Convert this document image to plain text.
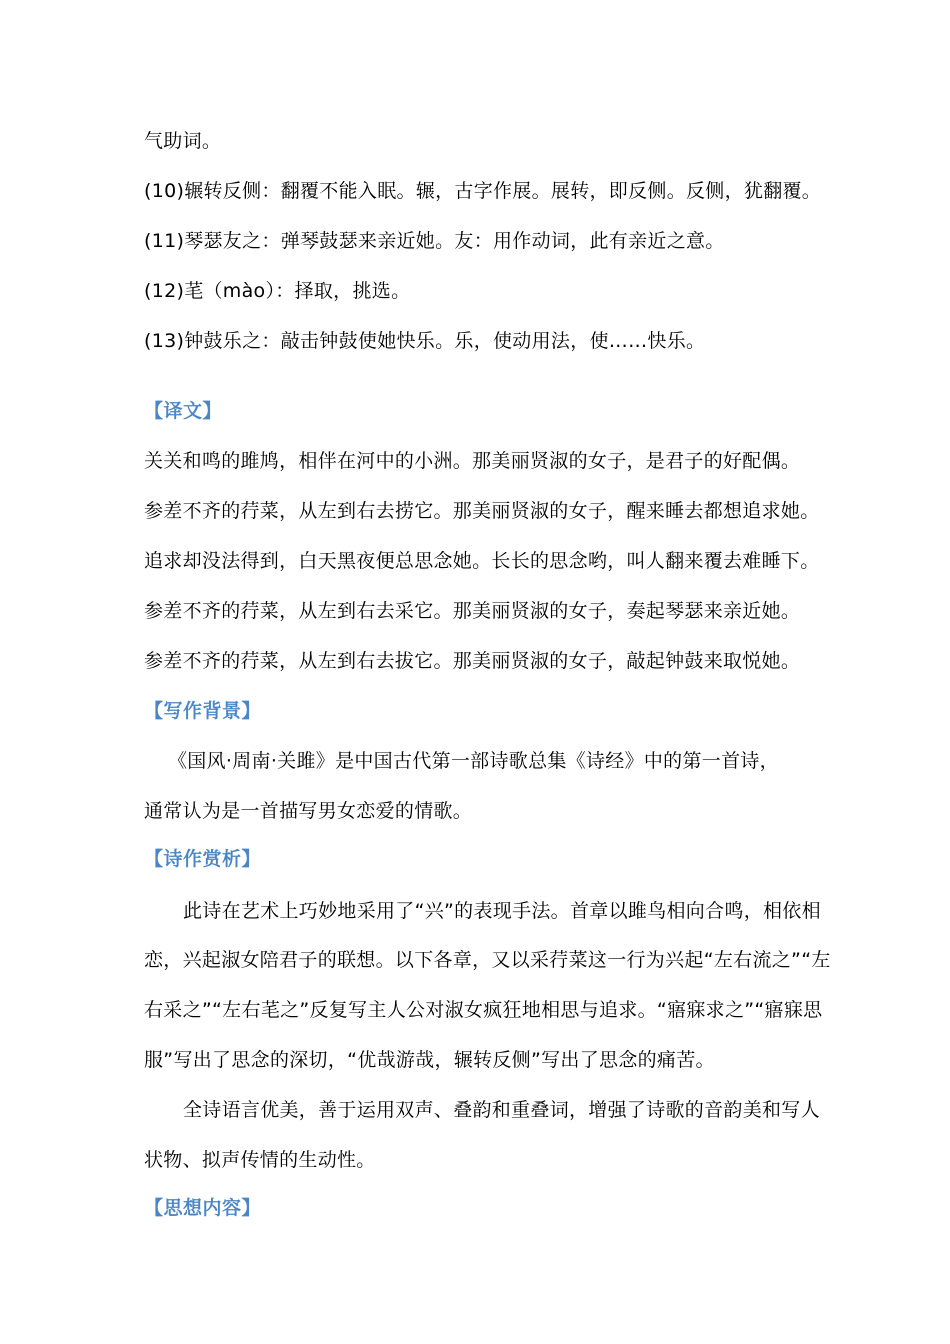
气助词。
(10)辗转反侧：翻覆不能入眠。辗，古字作展。展转，即反侧。反侧，犹翻覆。
(11)琴瑟友之：弹琴鼓瑟来亲近她。友：用作动词，此有亲近之意。
(12)芼（mào）：择取，挑选。
(13)钟鼓乐之：敲击钟鼓使她快乐。乐，使动用法，使……快乐。
【译文】
关关和鸣的雎鸠，相伴在河中的小洲。那美丽贤淑的女子，是君子的好配偶。
参差不齐的荇菜，从左到右去捞它。那美丽贤淑的女子，醒来睡去都想追求她。
追求却没法得到，白天黑夜便总思念她。长长的思念哟，叫人翻来覆去难睡下。
参差不齐的荇菜，从左到右去采它。那美丽贤淑的女子，奏起琴瑟来亲近她。
参差不齐的荇菜，从左到右去拔它。那美丽贤淑的女子，敲起钟鼓来取悦她。
【写作背景】
《国风·周南·关雎》是中国古代第一部诗歌总集《诗经》中的第一首诗，
通常认为是一首描写男女恋爱的情歌。
【诗作赏析】
此诗在艺术上巧妙地采用了“兴”的表现手法。首章以雎鸟相向合鸣，相依相
恋，兴起淑女陪君子的联想。以下各章，又以采荇菜这一行为兴起“左右流之”“左
右采之”“左右芼之”反复写主人公对淑女疯狂地相思与追求。“寤寐求之”“寤寐思
服”写出了思念的深切，“优哉游哉，辗转反侧”写出了思念的痛苦。
全诗语言优美，善于运用双声、叠韵和重叠词，增强了诗歌的音韵美和写人
状物、拟声传情的生动性。
【思想内容】
